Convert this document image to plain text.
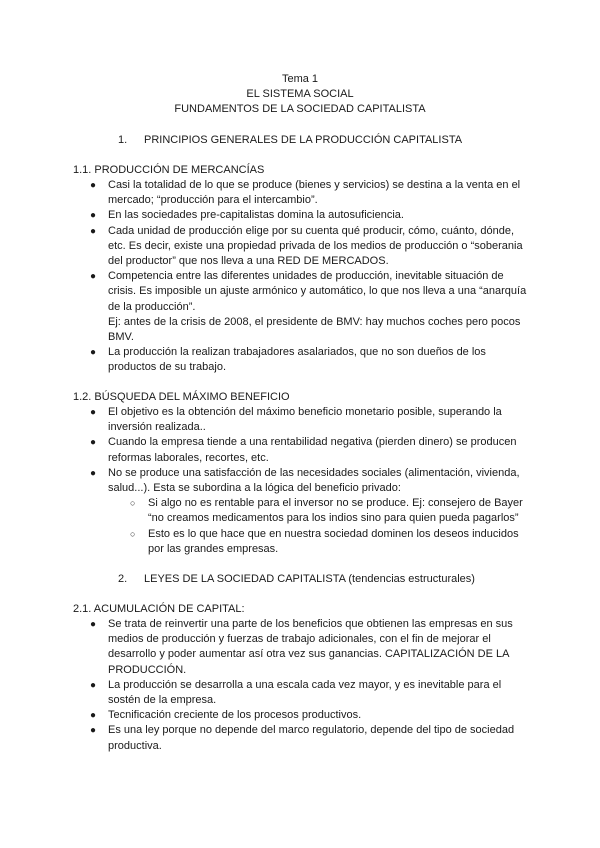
Tema 1
EL SISTEMA SOCIAL
FUNDAMENTOS DE LA SOCIEDAD CAPITALISTA
1. PRINCIPIOS GENERALES DE LA PRODUCCIÓN CAPITALISTA
1.1. PRODUCCIÓN DE MERCANCÍAS
● Casi la totalidad de lo que se produce (bienes y servicios) se destina a la venta en el mercado; “producción para el intercambio”.
● En las sociedades pre-capitalistas domina la autosuficiencia.
● Cada unidad de producción elige por su cuenta qué producir, cómo, cuánto, dónde, etc. Es decir, existe una propiedad privada de los medios de producción o “soberania del productor” que nos lleva a una RED DE MERCADOS.
● Competencia entre las diferentes unidades de producción, inevitable situación de crisis. Es imposible un ajuste armónico y automático, lo que nos lleva a una “anarquía de la producción”.
Ej: antes de la crisis de 2008, el presidente de BMV: hay muchos coches pero pocos BMV.
● La producción la realizan trabajadores asalariados, que no son dueños de los productos de su trabajo.
1.2. BÚSQUEDA DEL MÁXIMO BENEFICIO
● El objetivo es la obtención del máximo beneficio monetario posible, superando la inversión realizada..
● Cuando la empresa tiende a una rentabilidad negativa (pierden dinero) se producen reformas laborales, recortes, etc.
● No se produce una satisfacción de las necesidades sociales (alimentación, vivienda, salud...). Esta se subordina a la lógica del beneficio privado:
○ Si algo no es rentable para el inversor no se produce. Ej: consejero de Bayer “no creamos medicamentos para los indios sino para quien pueda pagarlos”
○ Esto es lo que hace que en nuestra sociedad dominen los deseos inducidos por las grandes empresas.
2. LEYES DE LA SOCIEDAD CAPITALISTA (tendencias estructurales)
2.1. ACUMULACIÓN DE CAPITAL:
● Se trata de reinvertir una parte de los beneficios que obtienen las empresas en sus medios de producción y fuerzas de trabajo adicionales, con el fin de mejorar el desarrollo y poder aumentar así otra vez sus ganancias. CAPITALIZACIÓN DE LA PRODUCCIÓN.
● La producción se desarrolla a una escala cada vez mayor, y es inevitable para el sostén de la empresa.
● Tecnificación creciente de los procesos productivos.
● Es una ley porque no depende del marco regulatorio, depende del tipo de sociedad productiva.
